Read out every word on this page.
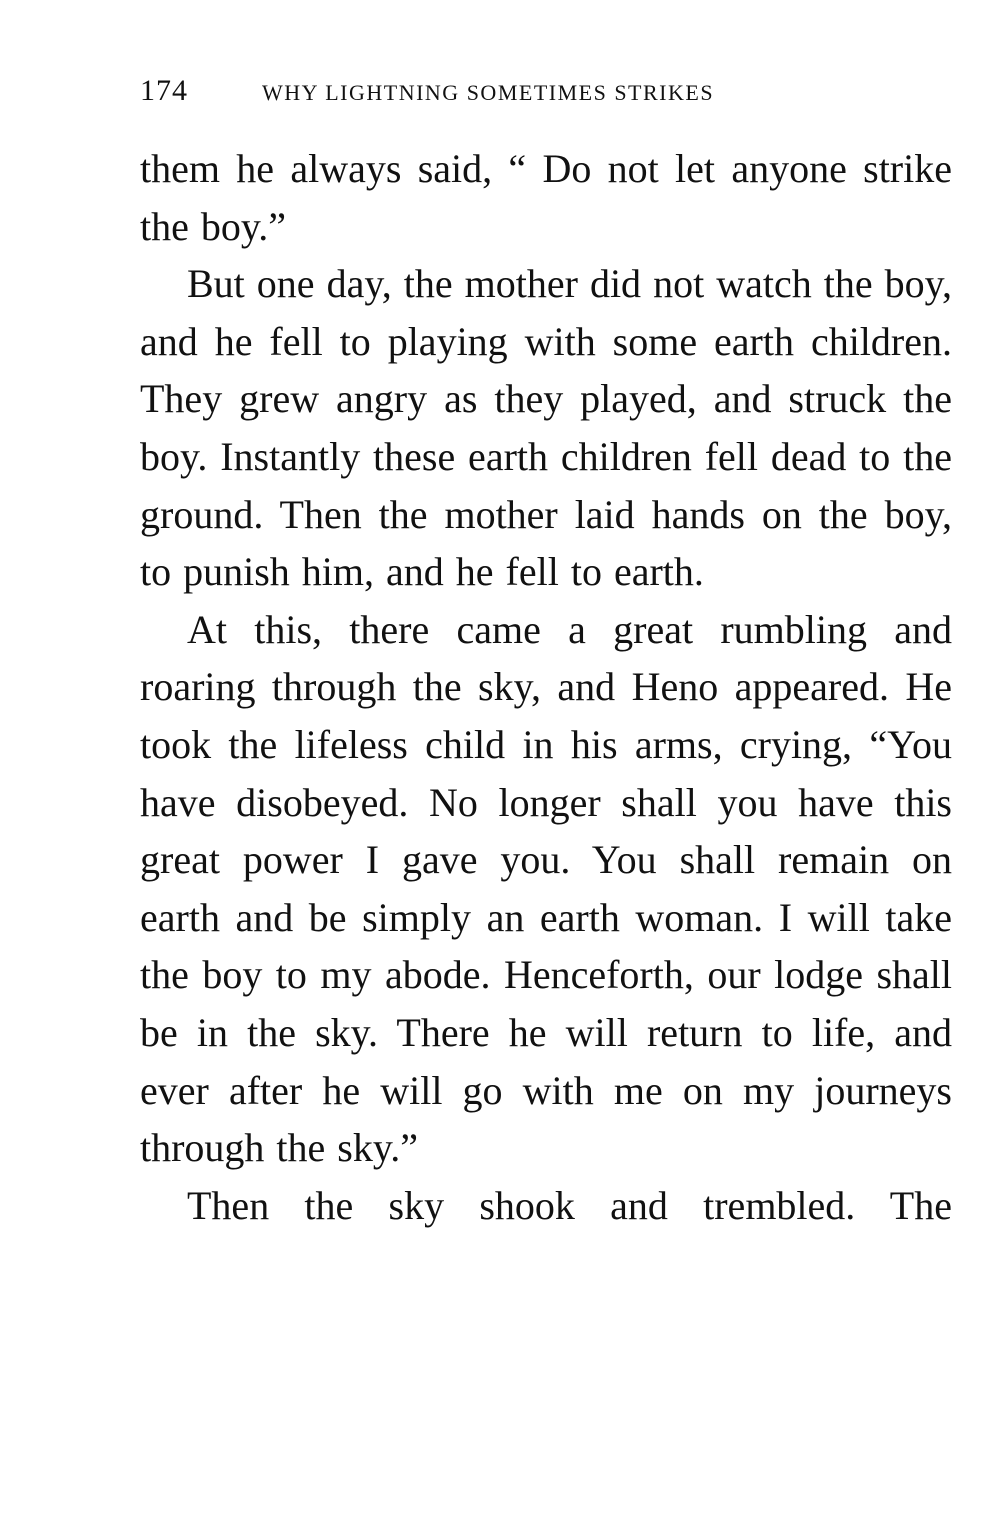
174	WHY LIGHTNING SOMETIMES STRIKES

them he always said, “ Do not let anyone strike the boy.”

But one day, the mother did not watch the boy, and he fell to playing with some earth children. They grew angry as they played, and struck the boy. Instantly these earth children fell dead to the ground. Then the mother laid hands on the boy, to punish him, and he fell to earth.

At this, there came a great rumbling and roaring through the sky, and Heno appeared. He took the lifeless child in his arms, crying, “You have disobeyed. No longer shall you have this great power I gave you. You shall remain on earth and be simply an earth woman. I will take the boy to my abode. Henceforth, our lodge shall be in the sky. There he will return to life, and ever after he will go with me on my journeys through the sky.”

Then the sky shook and trembled. The
